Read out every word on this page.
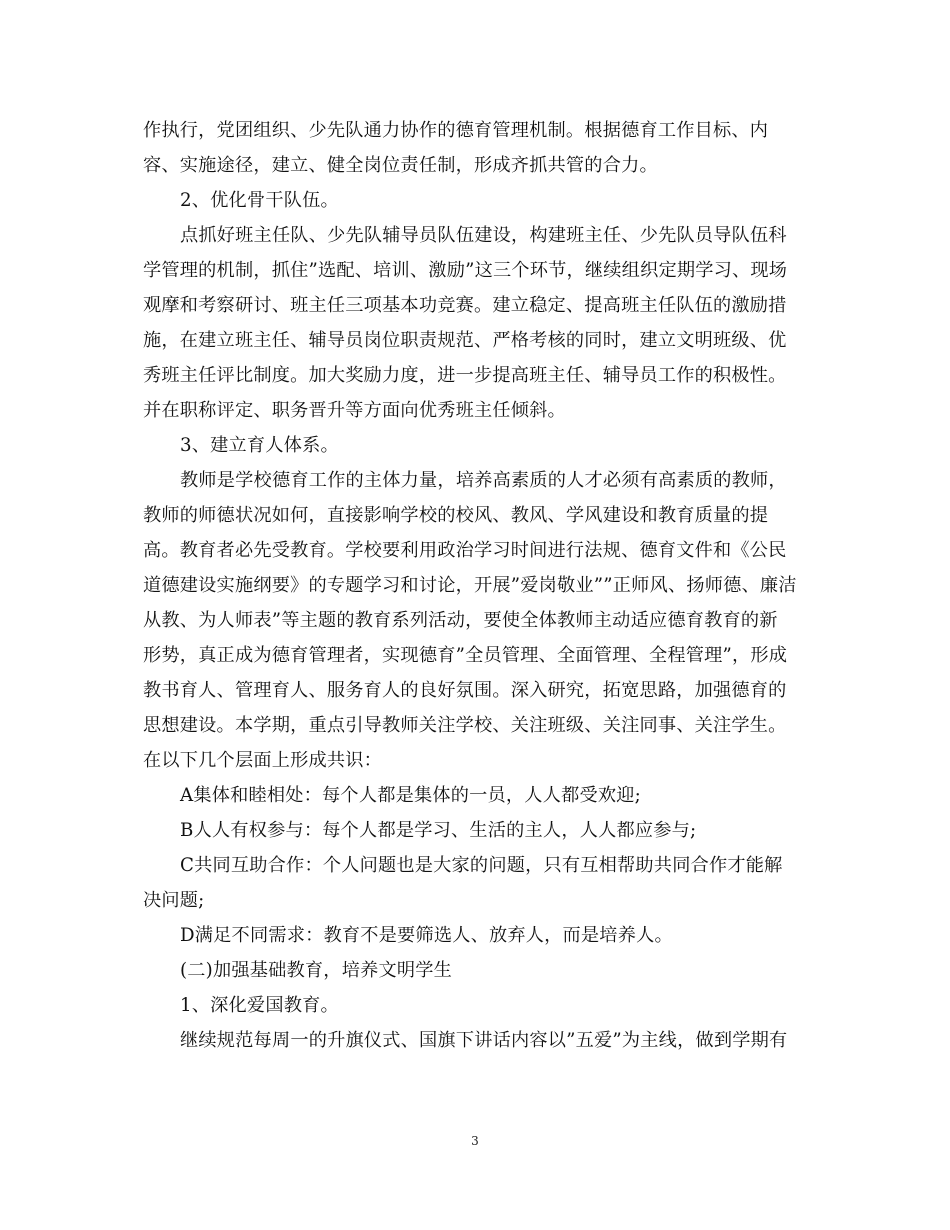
作执行，党团组织、少先队通力协作的德育管理机制。根据德育工作目标、内
容、实施途径，建立、健全岗位责任制，形成齐抓共管的合力。
2、优化骨干队伍。
点抓好班主任队、少先队辅导员队伍建设，构建班主任、少先队员导队伍科
学管理的机制，抓住”选配、培训、激励”这三个环节，继续组织定期学习、现场
观摩和考察研讨、班主任三项基本功竞赛。建立稳定、提高班主任队伍的激励措
施，在建立班主任、辅导员岗位职责规范、严格考核的同时，建立文明班级、优
秀班主任评比制度。加大奖励力度，进一步提高班主任、辅导员工作的积极性。
并在职称评定、职务晋升等方面向优秀班主任倾斜。
3、建立育人体系。
教师是学校德育工作的主体力量，培养高素质的人才必须有高素质的教师，
教师的师德状况如何，直接影响学校的校风、教风、学风建设和教育质量的提
高。教育者必先受教育。学校要利用政治学习时间进行法规、德育文件和《公民
道德建设实施纲要》的专题学习和讨论，开展”爱岗敬业””正师风、扬师德、廉洁
从教、为人师表”等主题的教育系列活动，要使全体教师主动适应德育教育的新
形势，真正成为德育管理者，实现德育”全员管理、全面管理、全程管理”，形成
教书育人、管理育人、服务育人的良好氛围。深入研究，拓宽思路，加强德育的
思想建设。本学期，重点引导教师关注学校、关注班级、关注同事、关注学生。
在以下几个层面上形成共识：
A集体和睦相处：每个人都是集体的一员，人人都受欢迎;
B人人有权参与：每个人都是学习、生活的主人，人人都应参与;
C共同互助合作：个人问题也是大家的问题，只有互相帮助共同合作才能解
决问题;
D满足不同需求：教育不是要筛选人、放弃人，而是培养人。
(二)加强基础教育，培养文明学生
1、深化爱国教育。
继续规范每周一的升旗仪式、国旗下讲话内容以”五爱”为主线，做到学期有
3
